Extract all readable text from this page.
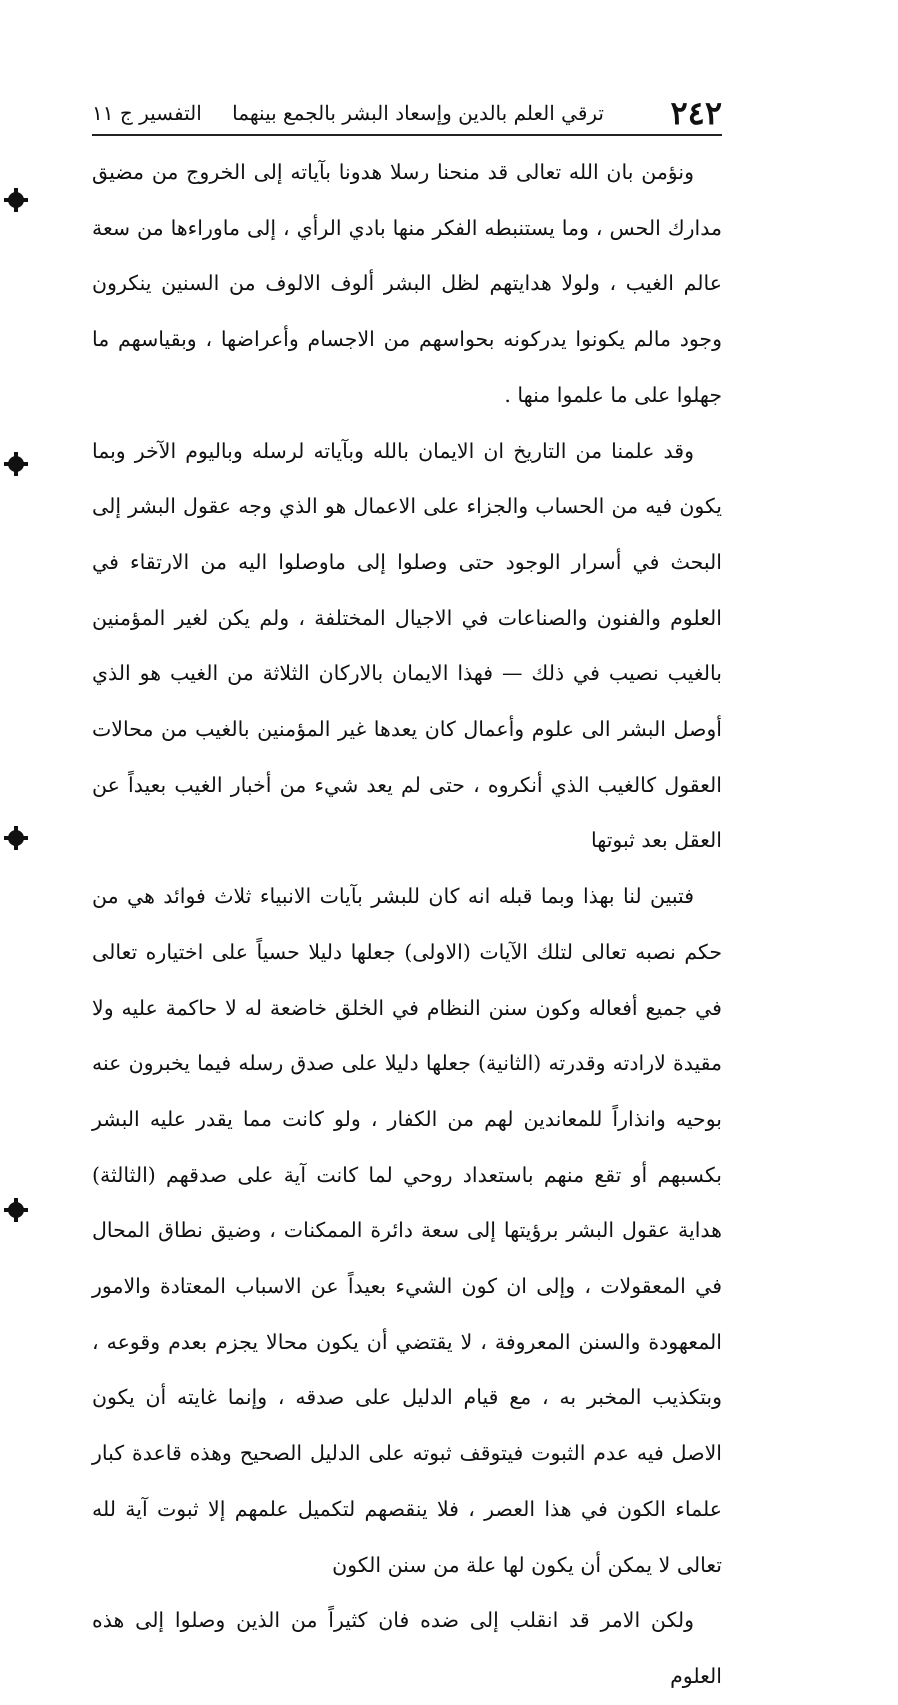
٢٤٢
ترقي العلم بالدين وإسعاد البشر بالجمع بينهما
التفسير ج ١١

ونؤمن بان الله تعالى قد منحنا رسلا هدونا بآياته إلى الخروج من مضيق مدارك الحس ، وما يستنبطه الفكر منها بادي الرأي ، إلى ماوراءها من سعة عالم الغيب ، ولولا هدايتهم لظل البشر ألوف الالوف من السنين ينكرون وجود مالم يكونوا يدركونه بحواسهم من الاجسام وأعراضها ، وبقياسهم ما جهلوا على ما علموا منها .

وقد علمنا من التاريخ ان الايمان بالله وبآياته لرسله وباليوم الآخر وبما يكون فيه من الحساب والجزاء على الاعمال هو الذي وجه عقول البشر إلى البحث في أسرار الوجود حتى وصلوا إلى ماوصلوا اليه من الارتقاء في العلوم والفنون والصناعات في الاجيال المختلفة ، ولم يكن لغير المؤمنين بالغيب نصيب في ذلك — فهذا الايمان بالاركان الثلاثة من الغيب هو الذي أوصل البشر الى علوم وأعمال كان يعدها غير المؤمنين بالغيب من محالات العقول كالغيب الذي أنكروه ، حتى لم يعد شيء من أخبار الغيب بعيداً عن العقل بعد ثبوتها

فتبين لنا بهذا وبما قبله انه كان للبشر بآيات الانبياء ثلاث فوائد هي من حكم نصبه تعالى لتلك الآيات (الاولى) جعلها دليلا حسياً على اختياره تعالى في جميع أفعاله وكون سنن النظام في الخلق خاضعة له لا حاكمة عليه ولا مقيدة لارادته وقدرته (الثانية) جعلها دليلا على صدق رسله فيما يخبرون عنه بوحيه وانذاراً للمعاندين لهم من الكفار ، ولو كانت مما يقدر عليه البشر بكسبهم أو تقع منهم باستعداد روحي لما كانت آية على صدقهم (الثالثة) هداية عقول البشر برؤيتها إلى سعة دائرة الممكنات ، وضيق نطاق المحال في المعقولات ، وإلى ان كون الشيء بعيداً عن الاسباب المعتادة والامور المعهودة والسنن المعروفة ، لا يقتضي أن يكون محالا يجزم بعدم وقوعه ، وبتكذيب المخبر به ، مع قيام الدليل على صدقه ، وإنما غايته أن يكون الاصل فيه عدم الثبوت فيتوقف ثبوته على الدليل الصحيح وهذه قاعدة كبار علماء الكون في هذا العصر ، فلا ينقصهم لتكميل علمهم إلا ثبوت آية لله تعالى لا يمكن أن يكون لها علة من سنن الكون

ولكن الامر قد انقلب إلى ضده فان كثيراً من الذين وصلوا إلى هذه العلوم
